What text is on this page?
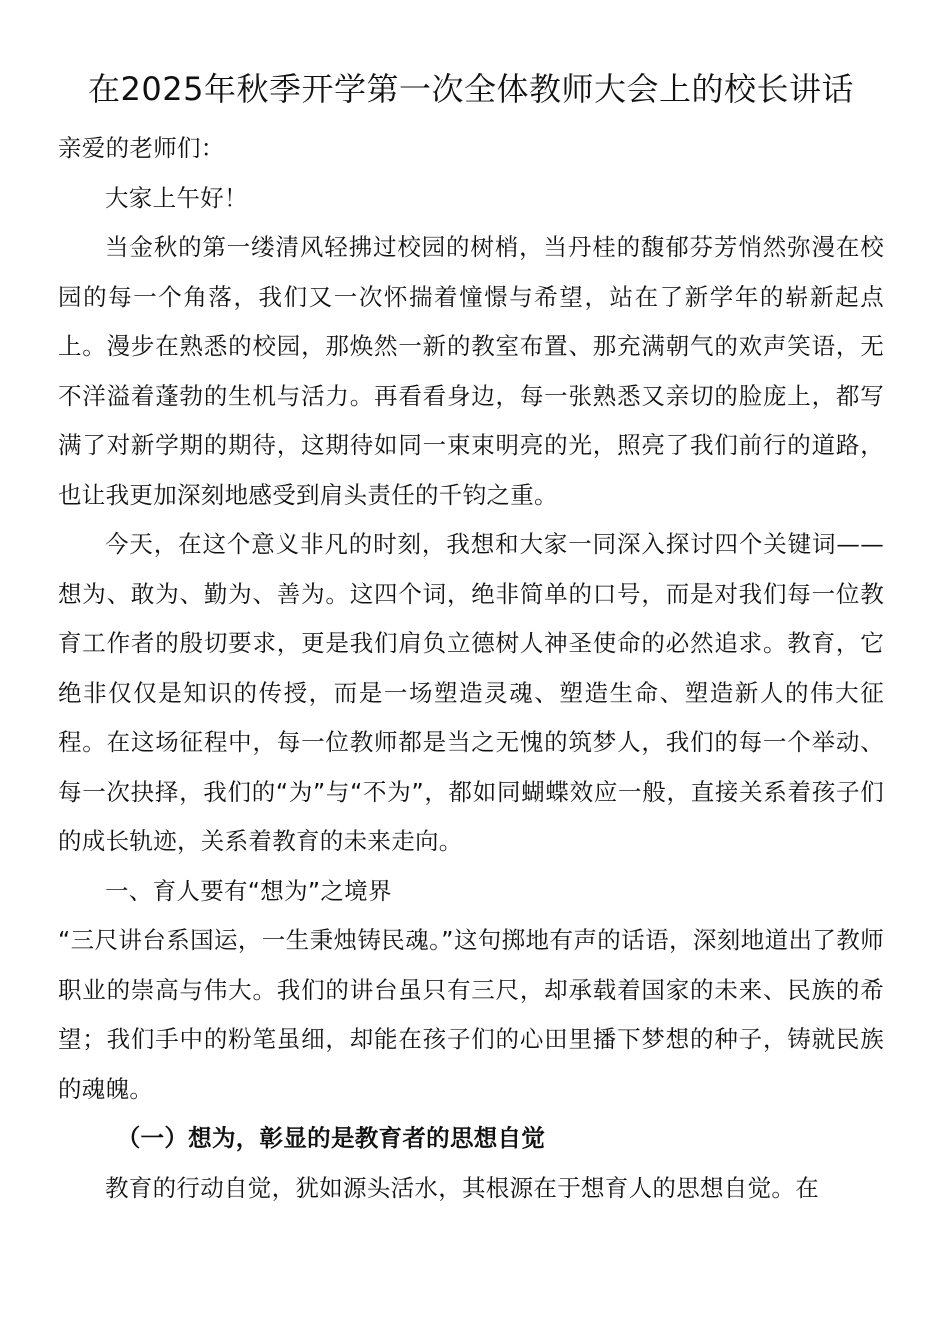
在2025年秋季开学第一次全体教师大会上的校长讲话

亲爱的老师们：

大家上午好！

当金秋的第一缕清风轻拂过校园的树梢，当丹桂的馥郁芬芳悄然弥漫在校园的每一个角落，我们又一次怀揣着憧憬与希望，站在了新学年的崭新起点上。漫步在熟悉的校园，那焕然一新的教室布置、那充满朝气的欢声笑语，无不洋溢着蓬勃的生机与活力。再看看身边，每一张熟悉又亲切的脸庞上，都写满了对新学期的期待，这期待如同一束束明亮的光，照亮了我们前行的道路，也让我更加深刻地感受到肩头责任的千钧之重。

今天，在这个意义非凡的时刻，我想和大家一同深入探讨四个关键词——想为、敢为、勤为、善为。这四个词，绝非简单的口号，而是对我们每一位教育工作者的殷切要求，更是我们肩负立德树人神圣使命的必然追求。教育，它绝非仅仅是知识的传授，而是一场塑造灵魂、塑造生命、塑造新人的伟大征程。在这场征程中，每一位教师都是当之无愧的筑梦人，我们的每一个举动、每一次抉择，我们的“为”与“不为”，都如同蝴蝶效应一般，直接关系着孩子们的成长轨迹，关系着教育的未来走向。

一、育人要有“想为”之境界

“三尺讲台系国运，一生秉烛铸民魂。”这句掷地有声的话语，深刻地道出了教师职业的崇高与伟大。我们的讲台虽只有三尺，却承载着国家的未来、民族的希望；我们手中的粉笔虽细，却能在孩子们的心田里播下梦想的种子，铸就民族的魂魄。

（一）想为，彰显的是教育者的思想自觉

教育的行动自觉，犹如源头活水，其根源在于想育人的思想自觉。在
